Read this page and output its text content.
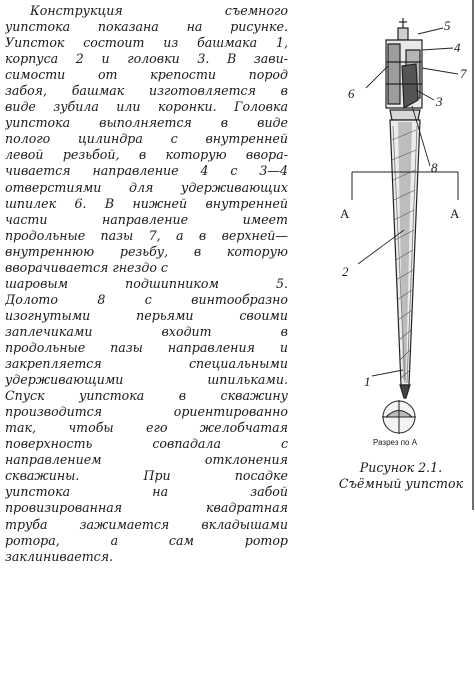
Конструкция съемного
уипстока показана на рисунке.
Уипсток состоит из башмака 1,
корпуса 2 и головки 3. В зави-
симости от крепости пород
забоя, башмак изготовляется в
виде зубила или коронки. Головка
уипстока выполняется в виде
полого цилиндра с внутренней
левой резьбой, в которую ввора-
чивается направление 4 с 3—4
отверстиями для удерживающих
шпилек 6. В нижней внутренней
части направление имеет
продольные пазы 7, а в верхней—
внутреннюю резьбу, в которую
вворачивается гнездо с
шаровым подшипником 5.
Долото 8 с винтообразно
изогнутыми перьями своими
заплечиками входит в
продольные пазы направления и
закрепляется специальными
удерживающими шпильками.
Спуск уипстока в скважину
производится ориентированно
так, чтобы его желобчатая
поверхность совпадала с
направлением отклонения
скважины. При посадке
уипстока на забой
провизированная квадратная
труба зажимается вкладышами
ротора, а сам ротор
заклинивается.
5
4
7
6
3
8
2
1
А	А
Разрез по А
Рисунок 2.1.
Съёмный уипсток
